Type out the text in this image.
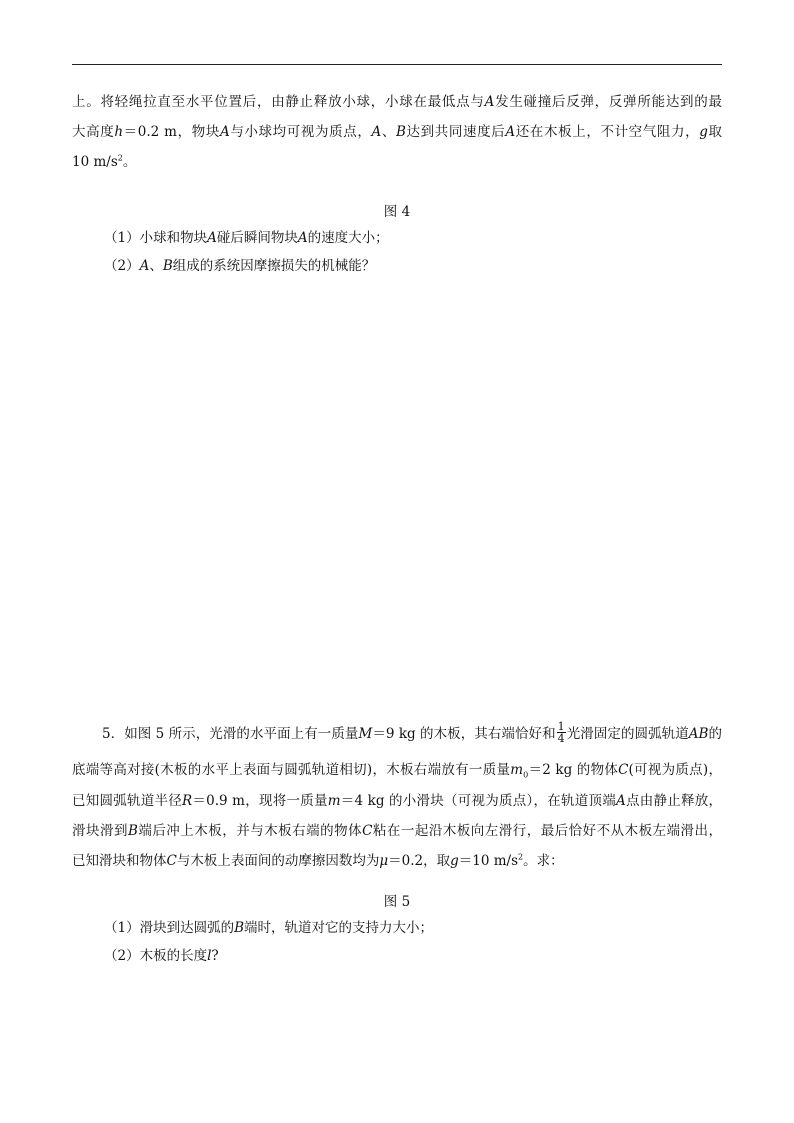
上。将轻绳拉直至水平位置后，由静止释放小球，小球在最低点与A发生碰撞后反弹，反弹所能达到的最
大高度h＝0.2 m，物块A与小球均可视为质点，A、B达到共同速度后A还在木板上，不计空气阻力，g取
10 $m/s^2$。
图 4
（1）小球和物块A碰后瞬间物块A的速度大小；
（2）A、B组成的系统因摩擦损失的机械能？
5．如图 5 所示，光滑的水平面上有一质量M＝9 kg 的木板，其右端恰好和 $\frac{1}{4}$ 光滑固定的圆弧轨道AB的
底端等高对接(木板的水平上表面与圆弧轨道相切)，木板右端放有一质量$m_0=2$ kg 的物体C(可视为质点)，
已知圆弧轨道半径R＝0.9 m，现将一质量m＝4 kg 的小滑块（可视为质点），在轨道顶端A点由静止释放，
滑块滑到B端后冲上木板，并与木板右端的物体C粘在一起沿木板向左滑行，最后恰好不从木板左端滑出，
已知滑块和物体C与木板上表面间的动摩擦因数均为μ＝0.2，取g＝10 $m/s^2$。求：
图 5
（1）滑块到达圆弧的B端时，轨道对它的支持力大小；
（2）木板的长度l?
